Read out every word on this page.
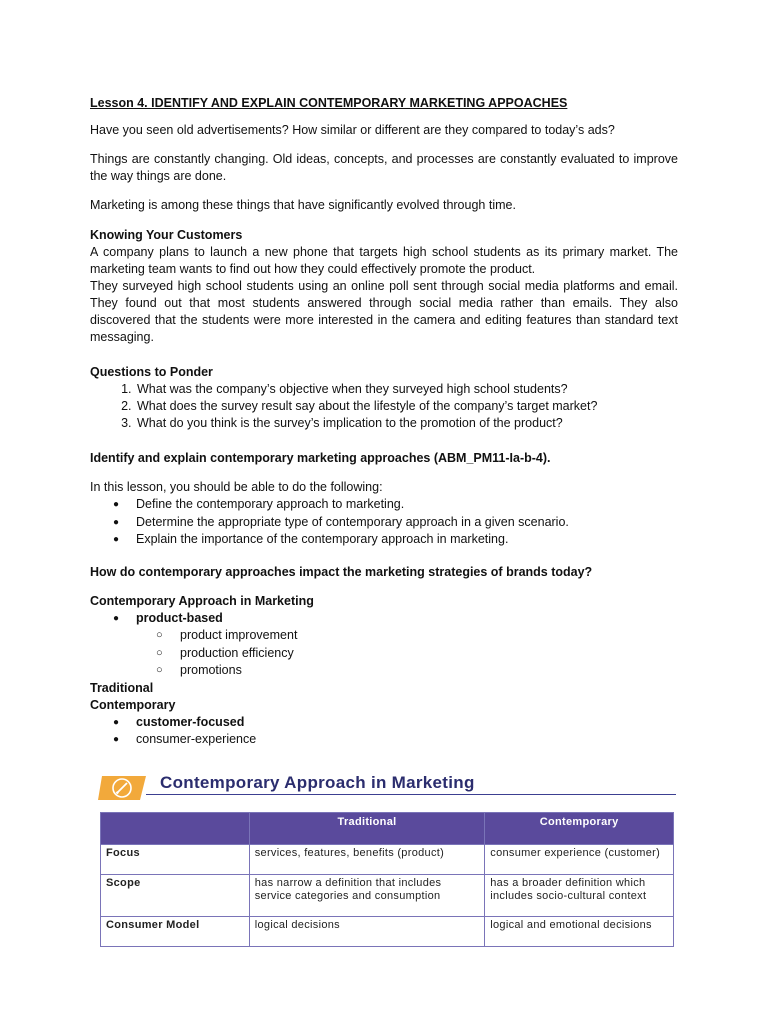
Lesson 4. IDENTIFY AND EXPLAIN CONTEMPORARY MARKETING APPOACHES

Have you seen old advertisements? How similar or different are they compared to today’s ads?

Things are constantly changing. Old ideas, concepts, and processes are constantly evaluated to improve the way things are done.

Marketing is among these things that have significantly evolved through time.

Knowing Your Customers

A company plans to launch a new phone that targets high school students as its primary market. The marketing team wants to find out how they could effectively promote the product.

They surveyed high school students using an online poll sent through social media platforms and email. They found out that most students answered through social media rather than emails. They also discovered that the students were more interested in the camera and editing features than standard text messaging.

Questions to Ponder

1. What was the company’s objective when they surveyed high school students?
2. What does the survey result say about the lifestyle of the company’s target market?
3. What do you think is the survey’s implication to the promotion of the product?

Identify and explain contemporary marketing approaches (ABM_PM11-Ia-b-4).

In this lesson, you should be able to do the following:

● Define the contemporary approach to marketing.
● Determine the appropriate type of contemporary approach in a given scenario.
● Explain the importance of the contemporary approach in marketing.

How do contemporary approaches impact the marketing strategies of brands today?

Contemporary Approach in Marketing

● product-based
○ product improvement
○ production efficiency
○ promotions

Traditional

Contemporary

● customer-focused
● consumer-experience
Contemporary Approach in Marketing
	Traditional	Contemporary
Focus	services, features, benefits (product)	consumer experience (customer)
Scope	has narrow a definition that includes service categories and consumption	has a broader definition which includes socio-cultural context
Consumer Model	logical decisions	logical and emotional decisions
